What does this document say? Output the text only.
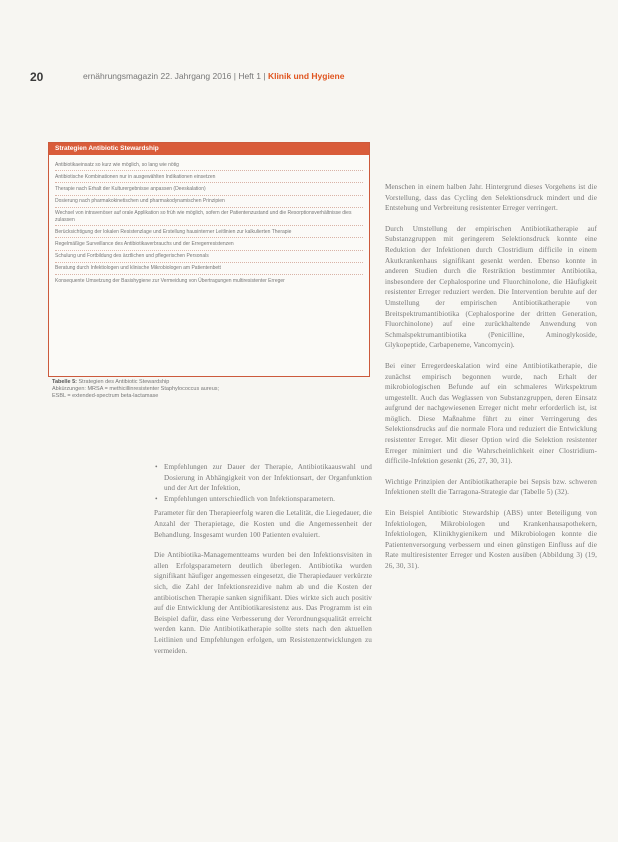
20	ernährungsmagazin 22. Jahrgang 2016 | Heft 1 | Klinik und Hygiene
Strategien Antibiotic Stewardship
Antibiotikaeinsatz so kurz wie möglich, so lang wie nötig
Antibiotische Kombinationen nur in ausgewählten Indikationen einsetzen
Therapie nach Erhalt der Kulturergebnisse anpassen (Deeskalation)
Dosierung nach pharmakokinetischen und pharmakodynamischen Prinzipien
Wechsel von intravenöser auf orale Applikation so früh wie möglich, sofern der Patientenzustand und die Resorptionsverhältnisse dies zulassen
Berücksichtigung der lokalen Resistenzlage und Erstellung hausinterner Leitlinien zur kalkulierten Therapie
Regelmäßige Surveillance des Antibiotikaverbrauchs und der Erregerresistenzen
Schulung und Fortbildung des ärztlichen und pflegerischen Personals
Beratung durch Infektiologen und klinische Mikrobiologen am Patientenbett
Konsequente Umsetzung der Basishygiene zur Vermeidung von Übertragungen multiresistenter Erreger
Tabelle 5: Strategien des Antibiotic Stewardship
Abkürzungen: MRSA = methicillinresistenter Staphylococcus aureus;
ESBL = extended-spectrum beta-lactamase
• Empfehlungen zur Dauer der Therapie, Antibiotikaauswahl und Dosierung in Abhängigkeit von der Infektionsart, der Organfunktion und der Art der Infektion,
• Empfehlungen unterschiedlich von Infektionsparametern.

Parameter für den Therapieerfolg waren die Letalität, die Liegedauer, die Anzahl der Therapietage, die Kosten und die Angemessenheit der Behandlung. Insgesamt wurden 100 Patienten evaluiert.

Die Antibiotika-Managementteams wurden bei den Infektionsvisiten in allen Erfolgsparametern deutlich überlegen. Antibiotika wurden signifikant häufiger angemessen eingesetzt, die Therapiedauer verkürzte sich, die Zahl der Infektionsrezidive nahm ab und die Kosten der antibiotischen Therapie sanken signifikant. Dies wirkte sich auch positiv auf die Entwicklung der Antibiotikaresistenz aus. Das Programm ist ein Beispiel dafür, dass eine Verbesserung der Verordnungsqualität erreicht werden kann. Die Antibiotikatherapie sollte stets nach den aktuellen Leitlinien und Empfehlungen erfolgen, um Resistenzentwicklungen zu vermeiden.

Menschen in einem halben Jahr. Hintergrund dieses Vorgehens ist die Vorstellung, dass das Cycling den Selektionsdruck mindert und die Entstehung und Verbreitung resistenter Erreger verringert.

Durch Umstellung der empirischen Antibiotikatherapie auf Substanzgruppen mit geringerem Selektionsdruck konnte eine Reduktion der Infektionen durch Clostridium difficile in einem Akutkrankenhaus signifikant gesenkt werden. Ebenso konnte in anderen Studien durch die Restriktion bestimmter Antibiotika, insbesondere der Cephalosporine und Fluorchinolone, die Häufigkeit resistenter Erreger reduziert werden. Die Intervention beruhte auf der Umstellung der empirischen Antibiotikatherapie von Breitspektrumantibiotika (Cephalosporine der dritten Generation, Fluorchinolone) auf eine zurückhaltende Anwendung von Schmalspektrumantibiotika (Penicilline, Aminoglykoside, Glykopeptide, Carbapeneme, Vancomycin).

Bei einer Erregerdeeskalation wird eine Antibiotikatherapie, die zunächst empirisch begonnen wurde, nach Erhalt der mikrobiologischen Befunde auf ein schmaleres Wirkspektrum umgestellt. Auch das Weglassen von Substanzgruppen, deren Einsatz aufgrund der nachgewiesenen Erreger nicht mehr erforderlich ist, ist möglich. Diese Maßnahme führt zu einer Verringerung des Selektionsdrucks auf die normale Flora und reduziert die Entwicklung resistenter Erreger. Mit dieser Option wird die Selektion resistenter Erreger minimiert und die Wahrscheinlichkeit einer Clostridium-difficile-Infektion gesenkt (26, 27, 30, 31).

Wichtige Prinzipien der Antibiotikatherapie bei Sepsis bzw. schweren Infektionen stellt die Tarragona-Strategie dar (Tabelle 5) (32).

Ein Beispiel Antibiotic Stewardship (ABS) unter Beteiligung von Infektiologen, Mikrobiologen und Krankenhausapothekern, Infektiologen, Klinikhygienikern und Mikrobiologen konnte die Patientenversorgung verbessern und einen günstigen Einfluss auf die Rate multiresistenter Erreger und Kosten ausüben (Abbildung 3) (19, 26, 30, 31).
